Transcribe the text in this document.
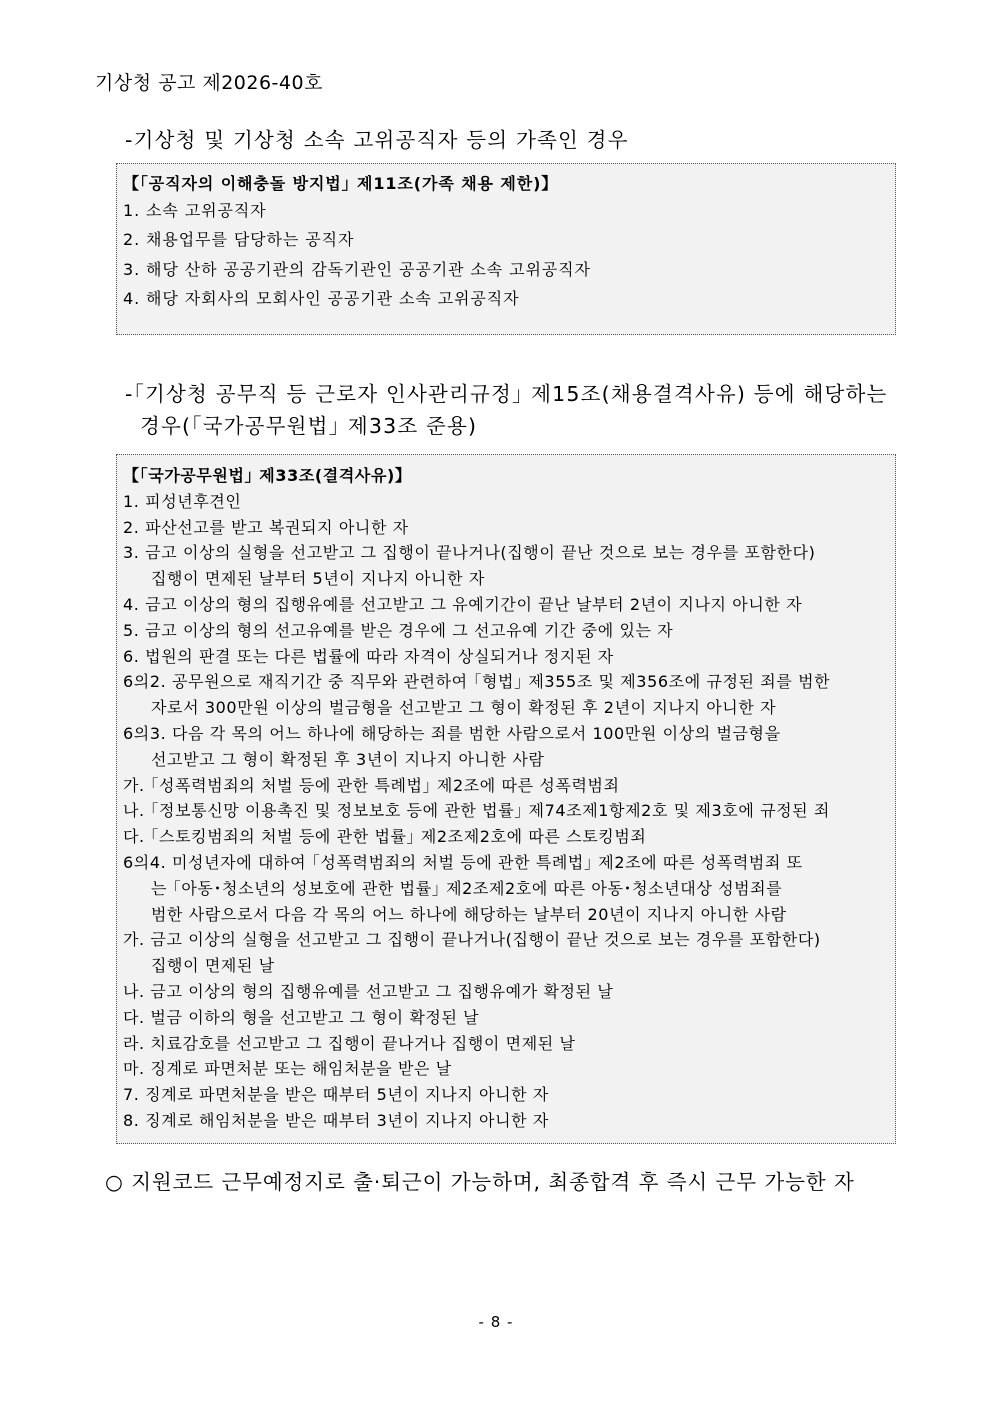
기상청 공고 제2026-40호
-기상청 및 기상청 소속 고위공직자 등의 가족인 경우
【｢공직자의 이해충돌 방지법｣ 제11조(가족 채용 제한)】
1. 소속 고위공직자
2. 채용업무를 담당하는 공직자
3. 해당 산하 공공기관의 감독기관인 공공기관 소속 고위공직자
4. 해당 자회사의 모회사인 공공기관 소속 고위공직자
-｢기상청 공무직 등 근로자 인사관리규정｣ 제15조(채용결격사유) 등에 해당하는
경우(｢국가공무원법｣ 제33조 준용)
【｢국가공무원법｣ 제33조(결격사유)】
1. 피성년후견인
2. 파산선고를 받고 복권되지 아니한 자
3. 금고 이상의 실형을 선고받고 그 집행이 끝나거나(집행이 끝난 것으로 보는 경우를 포함한다)
집행이 면제된 날부터 5년이 지나지 아니한 자
4. 금고 이상의 형의 집행유예를 선고받고 그 유예기간이 끝난 날부터 2년이 지나지 아니한 자
5. 금고 이상의 형의 선고유예를 받은 경우에 그 선고유예 기간 중에 있는 자
6. 법원의 판결 또는 다른 법률에 따라 자격이 상실되거나 정지된 자
6의2. 공무원으로 재직기간 중 직무와 관련하여 ｢형법｣ 제355조 및 제356조에 규정된 죄를 범한
자로서 300만원 이상의 벌금형을 선고받고 그 형이 확정된 후 2년이 지나지 아니한 자
6의3. 다음 각 목의 어느 하나에 해당하는 죄를 범한 사람으로서 100만원 이상의 벌금형을
선고받고 그 형이 확정된 후 3년이 지나지 아니한 사람
가. ｢성폭력범죄의 처벌 등에 관한 특례법｣ 제2조에 따른 성폭력범죄
나. ｢정보통신망 이용촉진 및 정보보호 등에 관한 법률｣ 제74조제1항제2호 및 제3호에 규정된 죄
다. ｢스토킹범죄의 처벌 등에 관한 법률｣ 제2조제2호에 따른 스토킹범죄
6의4. 미성년자에 대하여 ｢성폭력범죄의 처벌 등에 관한 특례법｣ 제2조에 따른 성폭력범죄 또
는 ｢아동･청소년의 성보호에 관한 법률｣ 제2조제2호에 따른 아동･청소년대상 성범죄를
범한 사람으로서 다음 각 목의 어느 하나에 해당하는 날부터 20년이 지나지 아니한 사람
가. 금고 이상의 실형을 선고받고 그 집행이 끝나거나(집행이 끝난 것으로 보는 경우를 포함한다)
집행이 면제된 날
나. 금고 이상의 형의 집행유예를 선고받고 그 집행유예가 확정된 날
다. 벌금 이하의 형을 선고받고 그 형이 확정된 날
라. 치료감호를 선고받고 그 집행이 끝나거나 집행이 면제된 날
마. 징계로 파면처분 또는 해임처분을 받은 날
7. 징계로 파면처분을 받은 때부터 5년이 지나지 아니한 자
8. 징계로 해임처분을 받은 때부터 3년이 지나지 아니한 자
○ 지원코드 근무예정지로 출·퇴근이 가능하며, 최종합격 후 즉시 근무 가능한 자
- 8 -
